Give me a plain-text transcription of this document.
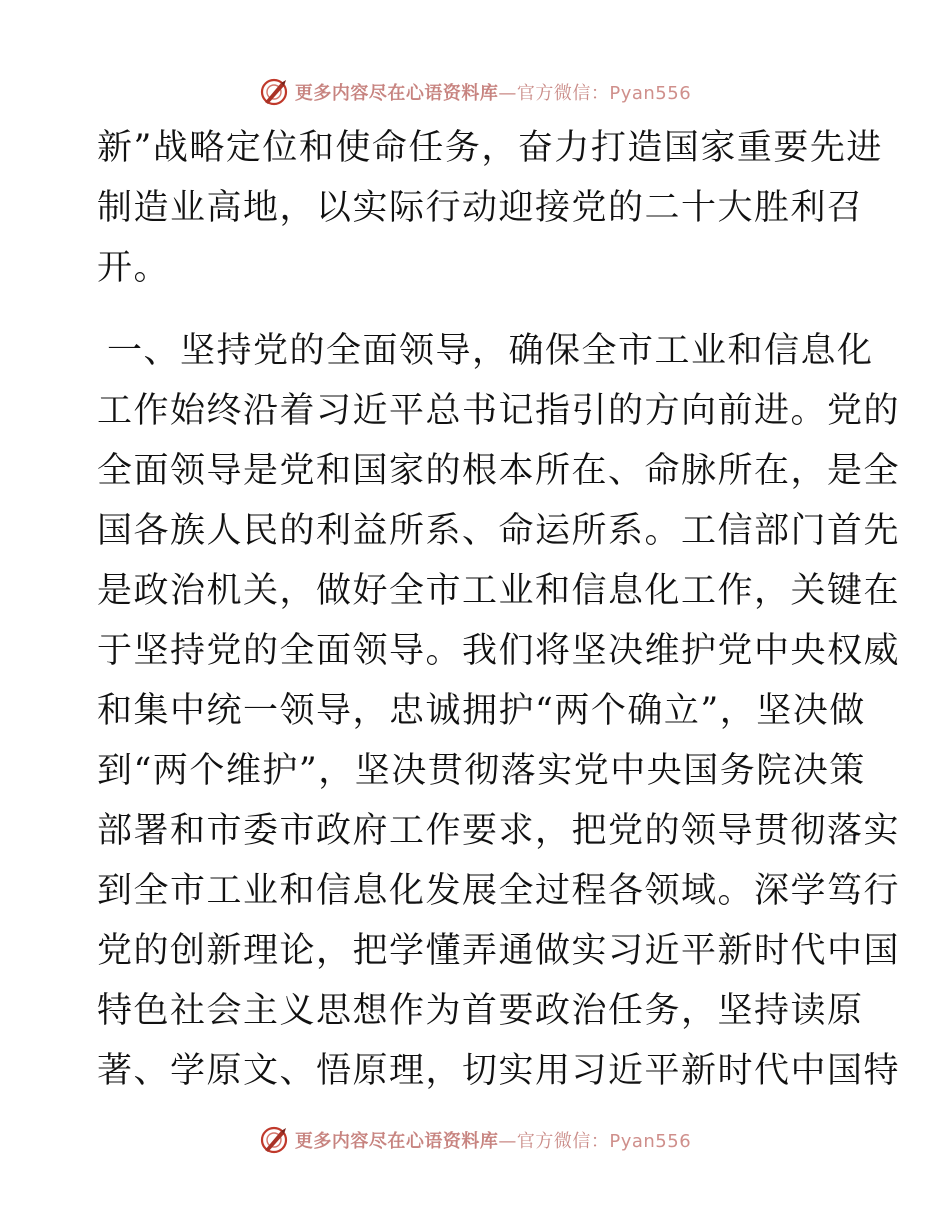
更多内容尽在心语资料库—官方微信：Pyan556
新”战略定位和使命任务，奋力打造国家重要先进
制造业高地，以实际行动迎接党的二十大胜利召
开。
一、坚持党的全面领导，确保全市工业和信息化
工作始终沿着习近平总书记指引的方向前进。党的
全面领导是党和国家的根本所在、命脉所在，是全
国各族人民的利益所系、命运所系。工信部门首先
是政治机关，做好全市工业和信息化工作，关键在
于坚持党的全面领导。我们将坚决维护党中央权威
和集中统一领导，忠诚拥护“两个确立”，坚决做
到“两个维护”，坚决贯彻落实党中央国务院决策
部署和市委市政府工作要求，把党的领导贯彻落实
到全市工业和信息化发展全过程各领域。深学笃行
党的创新理论，把学懂弄通做实习近平新时代中国
特色社会主义思想作为首要政治任务，坚持读原
著、学原文、悟原理，切实用习近平新时代中国特
更多内容尽在心语资料库—官方微信：Pyan556
